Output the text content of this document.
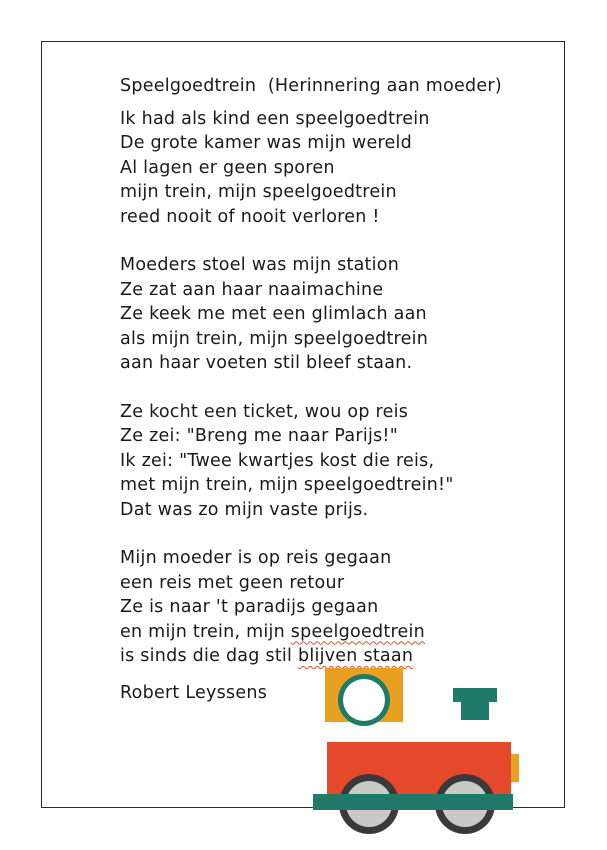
Speelgoedtrein  (Herinnering aan moeder)
Ik had als kind een speelgoedtrein
De grote kamer was mijn wereld
Al lagen er geen sporen
mijn trein, mijn speelgoedtrein
reed nooit of nooit verloren !
Moeders stoel was mijn station
Ze zat aan haar naaimachine
Ze keek me met een glimlach aan
als mijn trein, mijn speelgoedtrein
aan haar voeten stil bleef staan.
Ze kocht een ticket, wou op reis
Ze zei: "Breng me naar Parijs!"
Ik zei: "Twee kwartjes kost die reis,
met mijn trein, mijn speelgoedtrein!"
Dat was zo mijn vaste prijs.
Mijn moeder is op reis gegaan
een reis met geen retour
Ze is naar 't paradijs gegaan
en mijn trein, mijn speelgoedtrein
is sinds die dag stil blijven staan
Robert Leyssens
